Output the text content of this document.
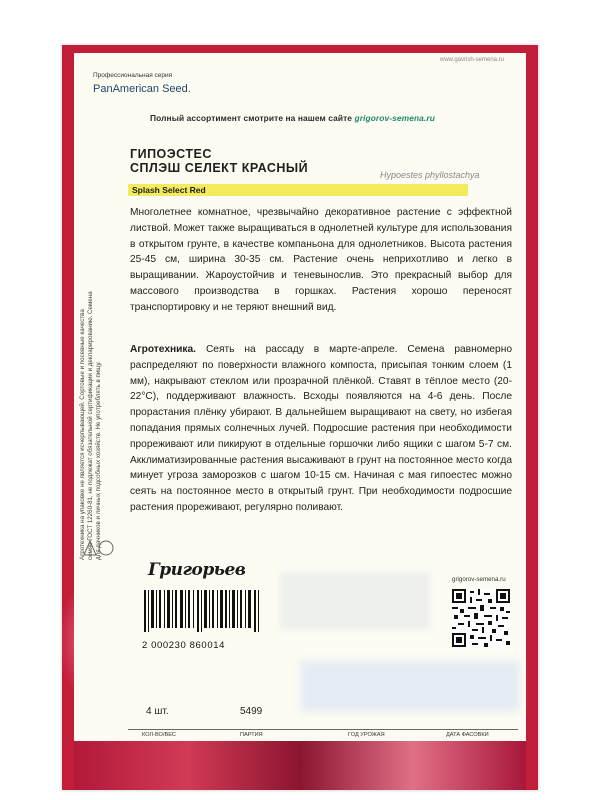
Агротехника на упаковке не является исчерпывающей. Сортовые и посевные качества семян ГОСТ 12260-81, не подлежат обязательной сертификации и декларированию. Семена для дачников и личных подсобных хозяйств. Не употреблять в пищу.
Профессиональная серия
PanAmerican Seed.
www.gavrish-semena.ru
Полный ассортимент смотрите на нашем сайте grigorov-semena.ru
ГИПОЭСТЕС
СПЛЭШ СЕЛЕКТ КРАСНЫЙ	Hypoestes phyllostachya
Splash Select Red
Многолетнее комнатное, чрезвычайно декоративное растение с эффектной листвой. Может также выращиваться в однолетней культуре для использования в открытом грунте, в качестве компаньона для однолетников. Высота растения 25-45 см, ширина 30-35 см. Растение очень неприхотливо и легко в выращивании. Жароустойчив и теневынослив. Это прекрасный выбор для массового производства в горшках. Растения хорошо переносят транспортировку и не теряют внешний вид.
Агротехника. Сеять на рассаду в марте-апреле. Семена равномерно распределяют по поверхности влажного компоста, присыпая тонким слоем (1 мм), накрывают стеклом или прозрачной плёнкой. Ставят в тёплое место (20-22°С), поддерживают влажность. Всходы появляются на 4-6 день. После прорастания плёнку убирают. В дальнейшем выращивают на свету, но избегая попадания прямых солнечных лучей. Подросшие растения при необходимости прореживают или пикируют в отдельные горшочки либо ящики с шагом 5-7 см. Акклиматизированные растения высаживают в грунт на постоянное место когда минует угроза заморозков с шагом 10-15 см. Начиная с мая гипоестес можно сеять на постоянное место в открытый грунт. При необходимости подросшие растения прореживают, регулярно поливают.
Григорьев
2 000230 860014
grigorov-semena.ru
4 шт.	5499
КОЛ-ВО/ВЕС	ПАРТИЯ	ГОД УРОЖАЯ	ДАТА ФАСОВКИ
